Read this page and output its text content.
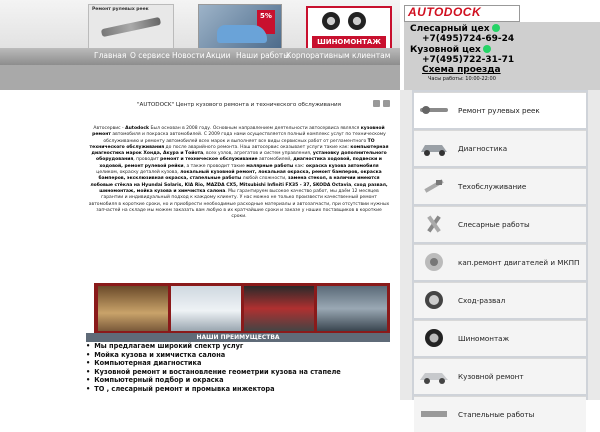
Ремонт рулевых реек
5%
ШИНОМОНТАЖ
Главная О сервисе Новости Акции Наши работы
Корпоративным клиентам
AUTODOCK
Слесарный цех
+7(495)724-69-24
Кузовной цех
+7(495)722-31-71
Схема проезда
Часы работы: 10:00-22:00
"AUTODOCK" Центр кузового ремонта и технического обслуживания
Автосервис - Autodock Был основан в 2008 году. Основным направлением деятельности автосервиса являлся кузовной ремонт автомобиля и покраска автомобилей. С 2009 года нами осуществляется полный комплекс услуг по техническому обслуживанию и ремонту автомобилей всех марок и выполняет все виды сервисных работ от регламентного ТО технического обслуживания до после аварийного ремонта. Наш автосервис оказывает услуги такие как: компьютерная диагностика марок Хонда, Акура и Тойота, всех узлов, агрегатов и систем управления, установку дополнительного оборудования, проводит ремонт и техническое обслуживание автомобилей, диагностика ходовой, подвески и ходовой, ремонт рулевой рейки, а также проводит такие малярные работы как: окраска кузова автомобиля целиком, окраску деталей кузова, локальный кузовной ремонт, локальная окраска, ремонт бамперов, окраска бамперов, эксклюзивная окраска, стапельные работы любой сложности, замена стекол, в наличии имеются лобовые стёкла на Hyundai Solaris, KIA Rio, MAZDA CX5, Mitsubishi Infiniti FX35 - 37, SKODA Octavia, сход развал, шиномонтаж, мойка кузова и химчистка салона. Мы гарантируем высокое качество работ, мы даём 12 месяцев гарантии и индивидуальный подход к каждому клиенту. У нас можно не только произвести качественный ремонт автомобиля в короткие сроки, но и приобрести необходимые расходные материалы и автозапчасти, при отсутствии нужных запчастей на складе мы можем заказать вам любую в их кратчайшие сроки и заказе у наших поставщиков в короткие сроки.
НАШИ ПРЕИМУЩЕСТВА
• Мы предлагаем широкий спектр услуг
• Мойка кузова и химчистка салона
• Компьютерная диагностика
• Кузовной ремонт и востановление геометрии кузова на стапеле
• Компьютерный подбор и окраска
• ТО , слесарный ремонт и промывка инжектора
Ремонт рулевых реек
Диагностика
Техобслуживание
Слесарные работы
кап.ремонт двигателей и МКПП
Сход-развал
Шиномонтаж
Кузовной ремонт
Стапельные работы
